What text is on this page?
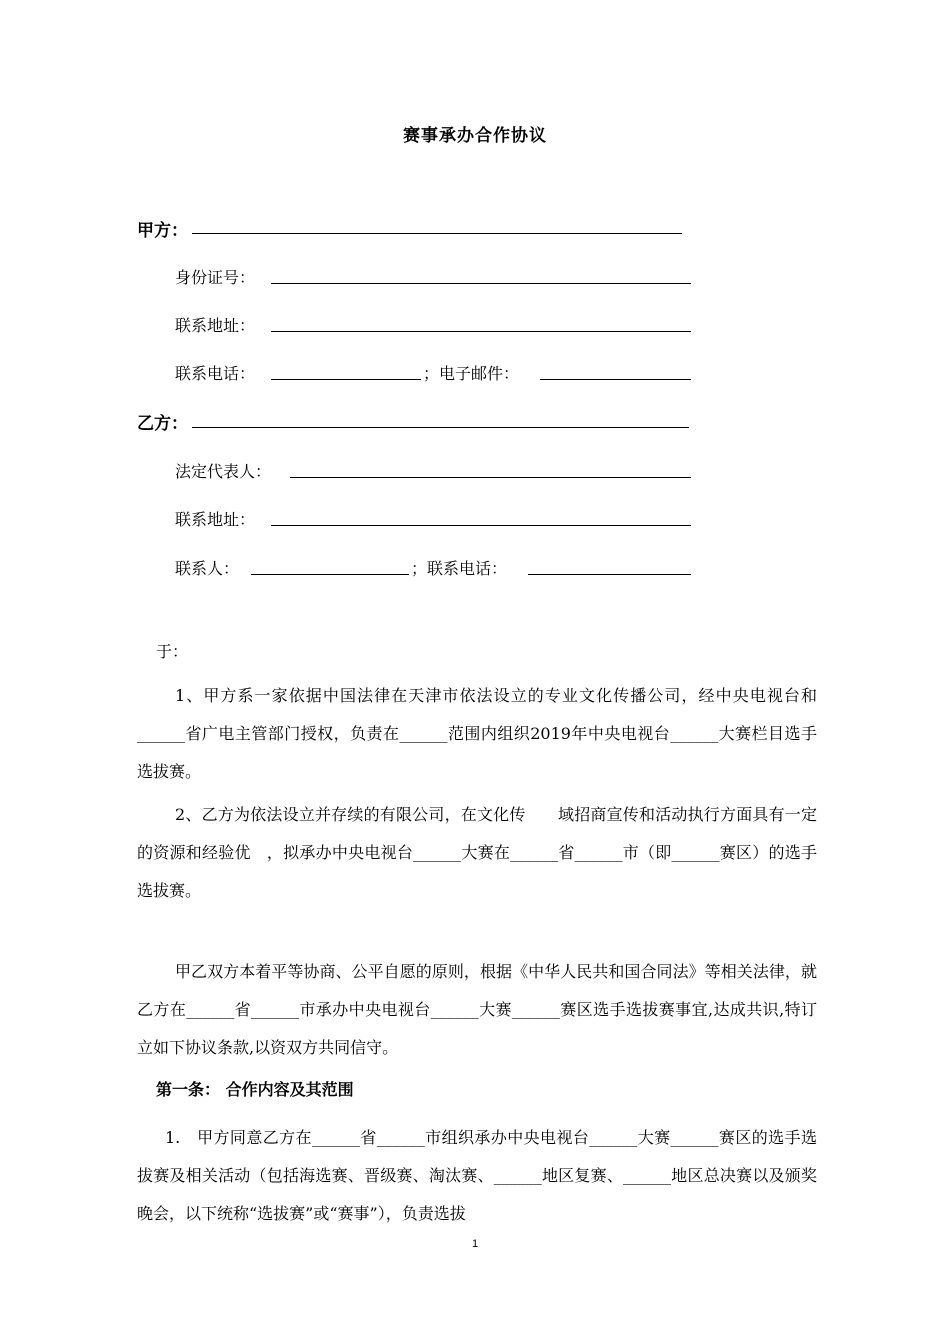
赛事承办合作协议
甲方：
身份证号：
联系地址：
联系电话：	；电子邮件：
乙方：
法定代表人：
联系地址：
联系人：	；联系电话：
于：
1、甲方系一家依据中国法律在天津市依法设立的专业文化传播公司，经中央电视台和______省广电主管部门授权，负责在______范围内组织2019年中央电视台______大赛栏目选手选拔赛。
2、乙方为依法设立并存续的有限公司，在文化传　　域招商宣传和活动执行方面具有一定的资源和经验优　，拟承办中央电视台______大赛在______省______市（即______赛区）的选手选拔赛。
甲乙双方本着平等协商、公平自愿的原则，根据《中华人民共和国合同法》等相关法律，就乙方在______省______市承办中央电视台______大赛______赛区选手选拔赛事宜,达成共识,特订立如下协议条款,以资双方共同信守。
第一条： 合作内容及其范围
1.　甲方同意乙方在______省______市组织承办中央电视台______大赛______赛区的选手选拔赛及相关活动（包括海选赛、晋级赛、淘汰赛、______地区复赛、______地区总决赛以及颁奖晚会，以下统称“选拔赛”或“赛事”），负责选拔
1
